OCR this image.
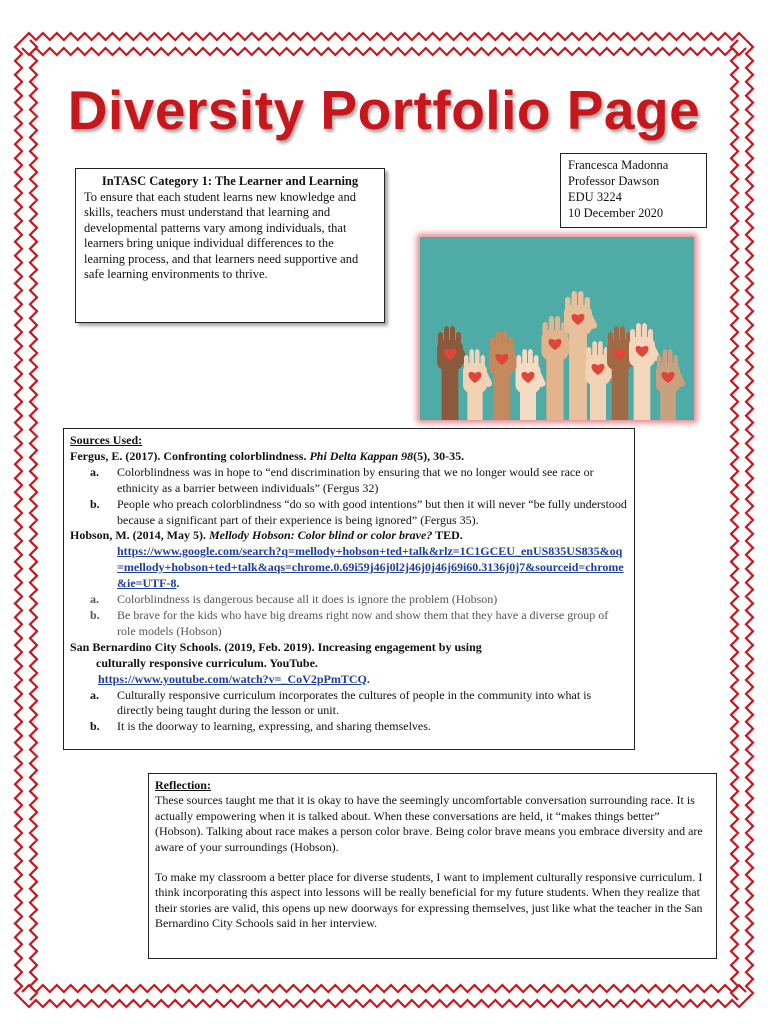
Diversity Portfolio Page
Francesca Madonna
Professor Dawson
EDU 3224
10 December 2020
InTASC Category 1: The Learner and Learning
To ensure that each student learns new knowledge and skills, teachers must understand that learning and developmental patterns vary among individuals, that learners bring unique individual differences to the learning process, and that learners need supportive and safe learning environments to thrive.
Sources Used:
Fergus, E. (2017). Confronting colorblindness. Phi Delta Kappan 98(5), 30-35.
a.	Colorblindness was in hope to “end discrimination by ensuring that we no longer would see race or ethnicity as a barrier between individuals” (Fergus 32)
b.	People who preach colorblindness “do so with good intentions” but then it will never “be fully understood because a significant part of their experience is being ignored” (Fergus 35).
Hobson, M. (2014, May 5). Mellody Hobson: Color blind or color brave? TED.
https://www.google.com/search?q=mellody+hobson+ted+talk&rlz=1C1GCEU_enUS835US835&oq=mellody+hobson+ted+talk&aqs=chrome.0.69i59j46j0l2j46j0j46j69i60.3136j0j7&sourceid=chrome&ie=UTF-8.
a.	Colorblindness is dangerous because all it does is ignore the problem (Hobson)
b.	Be brave for the kids who have big dreams right now and show them that they have a diverse group of role models (Hobson)
San Bernardino City Schools. (2019, Feb. 2019). Increasing engagement by using
culturally responsive curriculum. YouTube.
https://www.youtube.com/watch?v=_CoV2pPmTCQ.
a.	Culturally responsive curriculum incorporates the cultures of people in the community into what is directly being taught during the lesson or unit.
b.	It is the doorway to learning, expressing, and sharing themselves.
Reflection:

These sources taught me that it is okay to have the seemingly uncomfortable conversation surrounding race. It is actually empowering when it is talked about. When these conversations are held, it “makes things better” (Hobson). Talking about race makes a person color brave. Being color brave means you embrace diversity and are aware of your surroundings (Hobson).

To make my classroom a better place for diverse students, I want to implement culturally responsive curriculum. I think incorporating this aspect into lessons will be really beneficial for my future students. When they realize that their stories are valid, this opens up new doorways for expressing themselves, just like what the teacher in the San Bernardino City Schools said in her interview.
